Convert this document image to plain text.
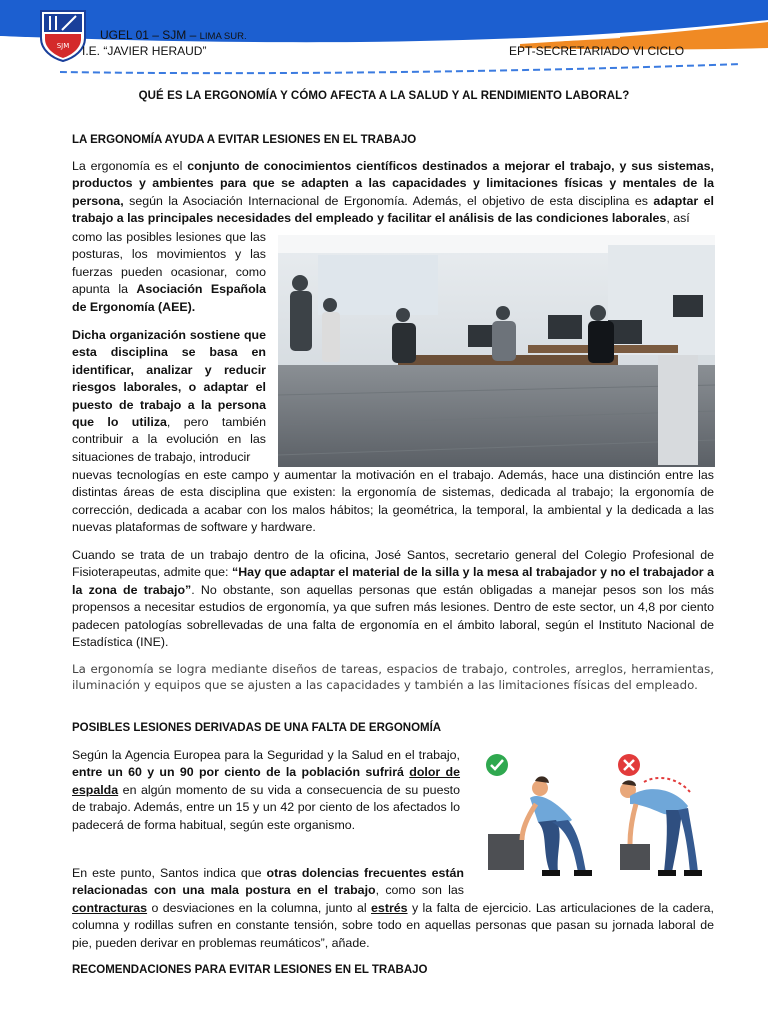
SJM
UGEL 01 – SJM – LIMA SUR.
I.E. “JAVIER HERAUD”	EPT-SECRETARIADO VI CICLO
QUÉ ES LA ERGONOMÍA Y CÓMO AFECTA A LA SALUD Y AL RENDIMIENTO LABORAL?
LA ERGONOMÍA AYUDA A EVITAR LESIONES EN EL TRABAJO

La ergonomía es el conjunto de conocimientos científicos destinados a mejorar el trabajo, y sus sistemas, productos y ambientes para que se adapten a las capacidades y limitaciones físicas y mentales de la persona, según la Asociación Internacional de Ergonomía. Además, el objetivo de esta disciplina es adaptar el trabajo a las principales necesidades del empleado y facilitar el análisis de las condiciones laborales, así

como las posibles lesiones que las posturas, los movimientos y las fuerzas pueden ocasionar, como apunta la Asociación Española de Ergonomía (AEE).

Dicha organización sostiene que esta disciplina se basa en identificar, analizar y reducir riesgos laborales, o adaptar el puesto de trabajo a la persona que lo utiliza, pero también contribuir a la evolución en las situaciones de trabajo, introducir

nuevas tecnologías en este campo y aumentar la motivación en el trabajo. Además, hace una distinción entre las distintas áreas de esta disciplina que existen: la ergonomía de sistemas, dedicada al trabajo; la ergonomía de corrección, dedicada a acabar con los malos hábitos; la geométrica, la temporal, la ambiental y la dedicada a las nuevas plataformas de software y hardware.

Cuando se trata de un trabajo dentro de la oficina, José Santos, secretario general del Colegio Profesional de Fisioterapeutas, admite que: “Hay que adaptar el material de la silla y la mesa al trabajador y no el trabajador a la zona de trabajo”. No obstante, son aquellas personas que están obligadas a manejar pesos son los más propensos a necesitar estudios de ergonomía, ya que sufren más lesiones. Dentro de este sector, un 4,8 por ciento padecen patologías sobrellevadas de una falta de ergonomía en el ámbito laboral, según el Instituto Nacional de Estadística (INE).

La ergonomía se logra mediante diseños de tareas, espacios de trabajo, controles, arreglos, herramientas, iluminación y equipos que se ajusten a las capacidades y también a las limitaciones físicas del empleado.

POSIBLES LESIONES DERIVADAS DE UNA FALTA DE ERGONOMÍA

Según la Agencia Europea para la Seguridad y la Salud en el trabajo, entre un 60 y un 90 por ciento de la población sufrirá dolor de espalda en algún momento de su vida a consecuencia de su puesto de trabajo. Además, entre un 15 y un 42 por ciento de los afectados lo padecerá de forma habitual, según este organismo.

En este punto, Santos indica que otras dolencias frecuentes están relacionadas con una mala postura en el trabajo, como son las contracturas o desviaciones en la columna, junto al estrés y la falta de ejercicio. Las articulaciones de la cadera, columna y rodillas sufren en constante tensión, sobre todo en aquellas personas que pasan su jornada laboral de pie, pueden derivar en problemas reumáticos”, añade.

RECOMENDACIONES PARA EVITAR LESIONES EN EL TRABAJO
